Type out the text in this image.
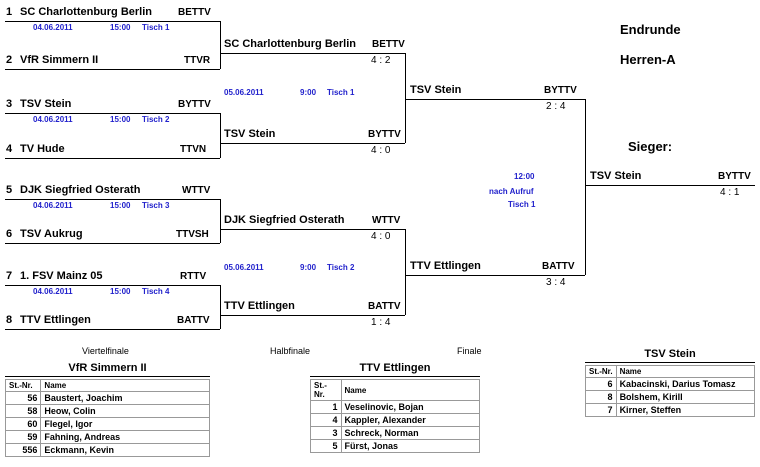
1 SC Charlottenburg Berlin	BETTV
04.06.2011	15:00 Tisch 1
2 VfR Simmern II	TTVR
3 TSV Stein	BYTTV
04.06.2011	15:00 Tisch 2
4 TV Hude	TTVN
5 DJK Siegfried Osterath	WTTV
04.06.2011	15:00 Tisch 3
6 TSV Aukrug	TTVSH
7 1. FSV Mainz 05	RTTV
04.06.2011	15:00 Tisch 4
8 TTV Ettlingen	BATTV
SC Charlottenburg Berlin BETTV
4 : 2
05.06.2011	9:00 Tisch 1
TSV Stein	BYTTV
4 : 0
DJK Siegfried Osterath	WTTV
4 : 0
05.06.2011	9:00 Tisch 2
TTV Ettlingen	BATTV
1 : 4
TSV Stein	BYTTV
2 : 4
12:00
nach Aufruf
Tisch 1
TTV Ettlingen	BATTV
3 : 4
Endrunde
Herren-A
Sieger:
TSV Stein	BYTTV
4 : 1
Viertelfinale	Halbfinale	Finale
VfR Simmern II
St.-Nr.	Name
56	Baustert, Joachim
58	Heow, Colin
60	Flegel, Igor
59	Fahning, Andreas
556	Eckmann, Kevin
TTV Ettlingen
St.-Nr.	Name
1	Veselinovic, Bojan
4	Kappler, Alexander
3	Schreck, Norman
5	Fürst, Jonas
TSV Stein
St.-Nr.	Name
6	Kabacinski, Darius Tomasz
8	Bolshem, Kirill
7	Kirner, Steffen
